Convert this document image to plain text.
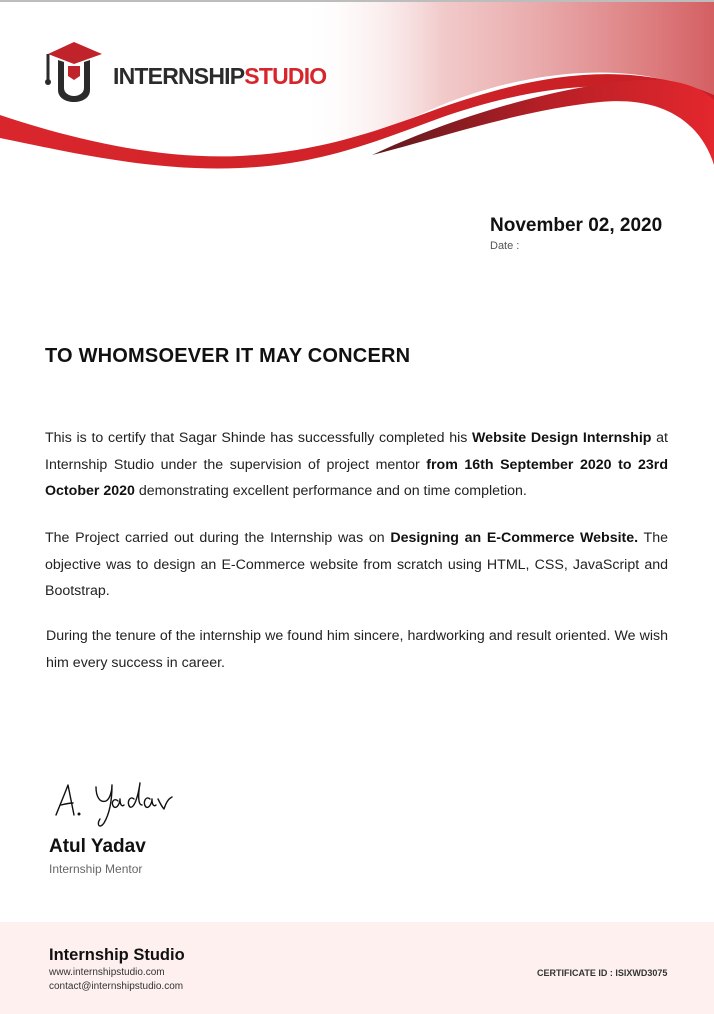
INTERNSHIPSTUDIO
November 02, 2020
Date :
TO WHOMSOEVER IT MAY CONCERN

This is to certify that Sagar Shinde has successfully completed his Website Design Internship at Internship Studio under the supervision of project mentor from 16th September 2020 to 23rd October 2020 demonstrating excellent performance and on time completion.

The Project carried out during the Internship was on Designing an E-Commerce Website. The objective was to design an E-Commerce website from scratch using HTML, CSS, JavaScript and Bootstrap.

During the tenure of the internship we found him sincere, hardworking and result oriented. We wish him every success in career.

Atul Yadav
Internship Mentor
Internship Studio
www.internshipstudio.com
contact@internshipstudio.com
CERTIFICATE ID : ISIXWD3075
